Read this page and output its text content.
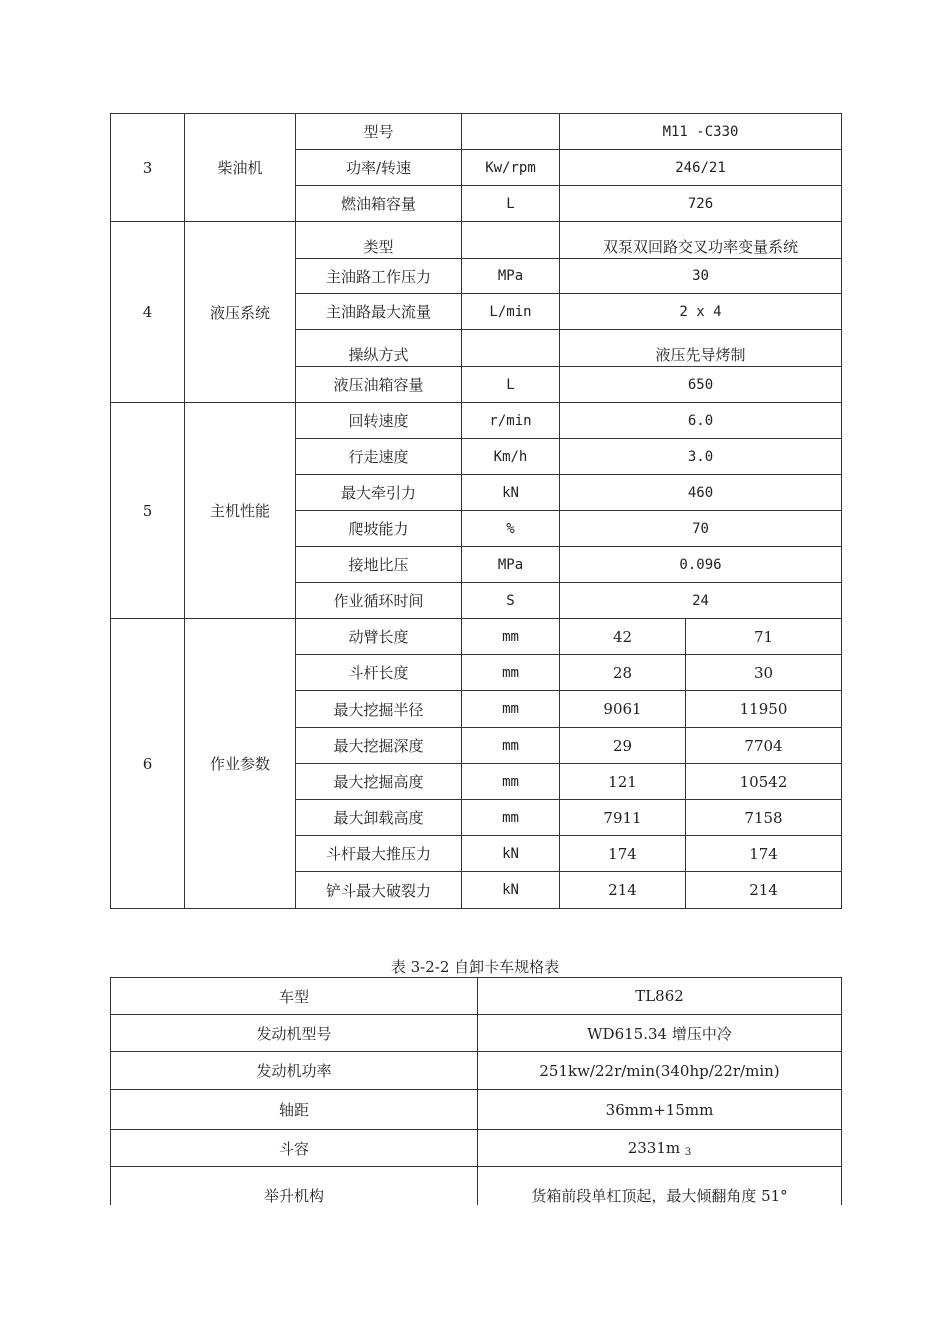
3	柴油机	型号		M11 -C330	
		功率/转速	Kw/rpm	246/21	
		燃油箱容量	L	726	
4	液压系统	类型		双泵双回路交叉功率变量系统	
		主油路工作压力	MPa	30	
		主油路最大流量	L/min	2 x 4	
		操纵方式		液压先导烤制	
		液压油箱容量	L	650	
5	主机性能	回转速度	r/min	6.0	
		行走速度	Km/h	3.0	
		最大牵引力	kN	460	
		爬坡能力	%	70	
		接地比压	MPa	0.096	
		作业循环时间	S	24	
6	作业参数	动臂长度	mm	42	71
		斗杆长度	mm	28	30
		最大挖掘半径	mm	9061	11950
		最大挖掘深度	mm	29	7704
		最大挖掘高度	mm	121	10542
		最大卸载高度	mm	7911	7158
		斗杆最大推压力	kN	174	174
		铲斗最大破裂力	kN	214	214
表 3-2-2 自卸卡车规格表
车型	TL862
发动机型号	WD615.34 增压中冷
发动机功率	251kw/22r/min(340hp/22r/min)
轴距	36mm+15mm
斗容	2331m $_3$
举升机构	货箱前段单杠顶起，最大倾翻角度 51°
